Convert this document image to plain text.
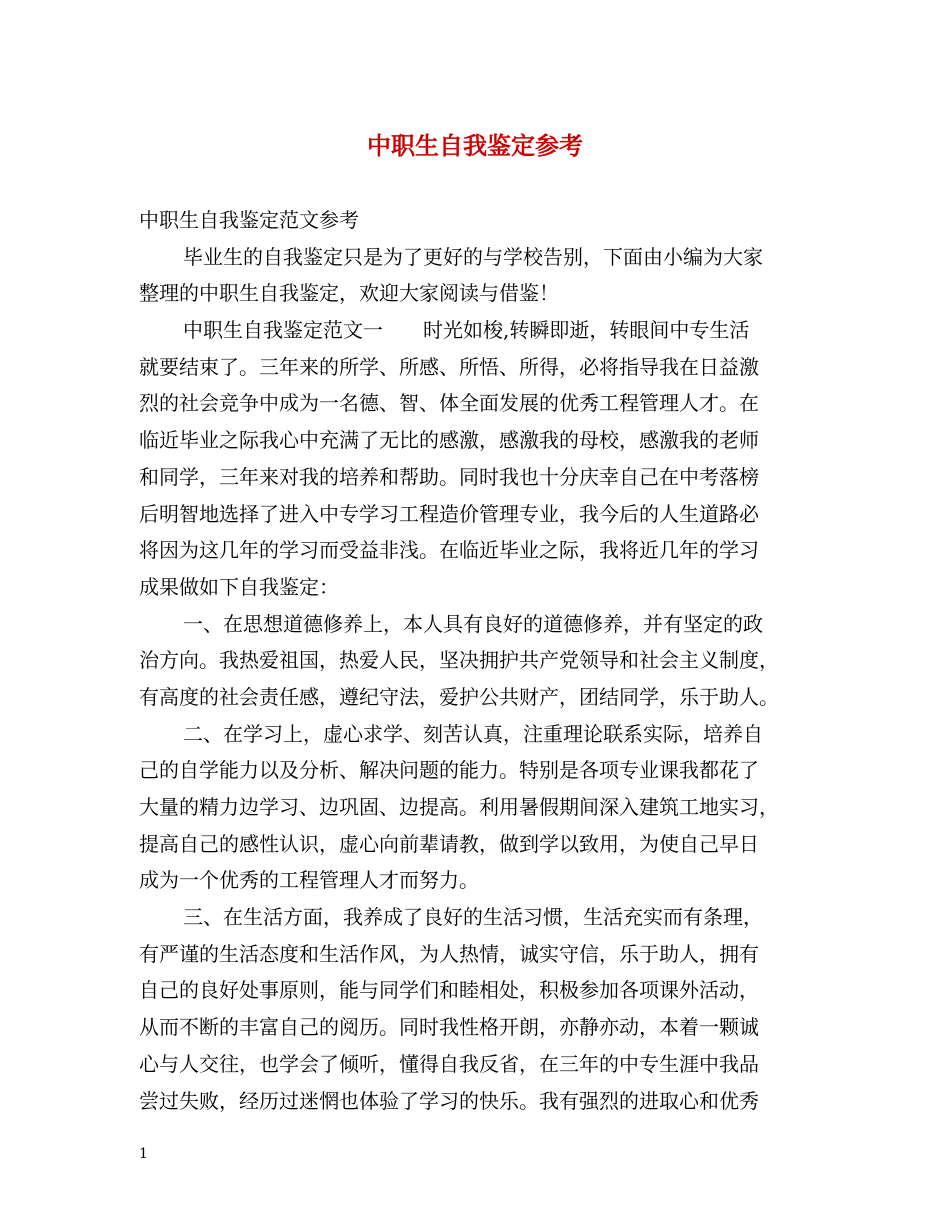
中职生自我鉴定参考
中职生自我鉴定范文参考
毕业生的自我鉴定只是为了更好的与学校告别，下面由小编为大家
整理的中职生自我鉴定，欢迎大家阅读与借鉴！
中职生自我鉴定范文一　　时光如梭,转瞬即逝，转眼间中专生活
就要结束了。三年来的所学、所感、所悟、所得，必将指导我在日益激
烈的社会竞争中成为一名德、智、体全面发展的优秀工程管理人才。在
临近毕业之际我心中充满了无比的感激，感激我的母校，感激我的老师
和同学，三年来对我的培养和帮助。同时我也十分庆幸自己在中考落榜
后明智地选择了进入中专学习工程造价管理专业，我今后的人生道路必
将因为这几年的学习而受益非浅。在临近毕业之际，我将近几年的学习
成果做如下自我鉴定：
一、在思想道德修养上，本人具有良好的道德修养，并有坚定的政
治方向。我热爱祖国，热爱人民，坚决拥护共产党领导和社会主义制度，
有高度的社会责任感，遵纪守法，爱护公共财产，团结同学，乐于助人。
二、在学习上，虚心求学、刻苦认真，注重理论联系实际，培养自
己的自学能力以及分析、解决问题的能力。特别是各项专业课我都花了
大量的精力边学习、边巩固、边提高。利用暑假期间深入建筑工地实习，
提高自己的感性认识，虚心向前辈请教，做到学以致用，为使自己早日
成为一个优秀的工程管理人才而努力。
三、在生活方面，我养成了良好的生活习惯，生活充实而有条理，
有严谨的生活态度和生活作风，为人热情，诚实守信，乐于助人，拥有
自己的良好处事原则，能与同学们和睦相处，积极参加各项课外活动，
从而不断的丰富自己的阅历。同时我性格开朗，亦静亦动，本着一颗诚
心与人交往，也学会了倾听，懂得自我反省，在三年的中专生涯中我品
尝过失败，经历过迷惘也体验了学习的快乐。我有强烈的进取心和优秀

1
